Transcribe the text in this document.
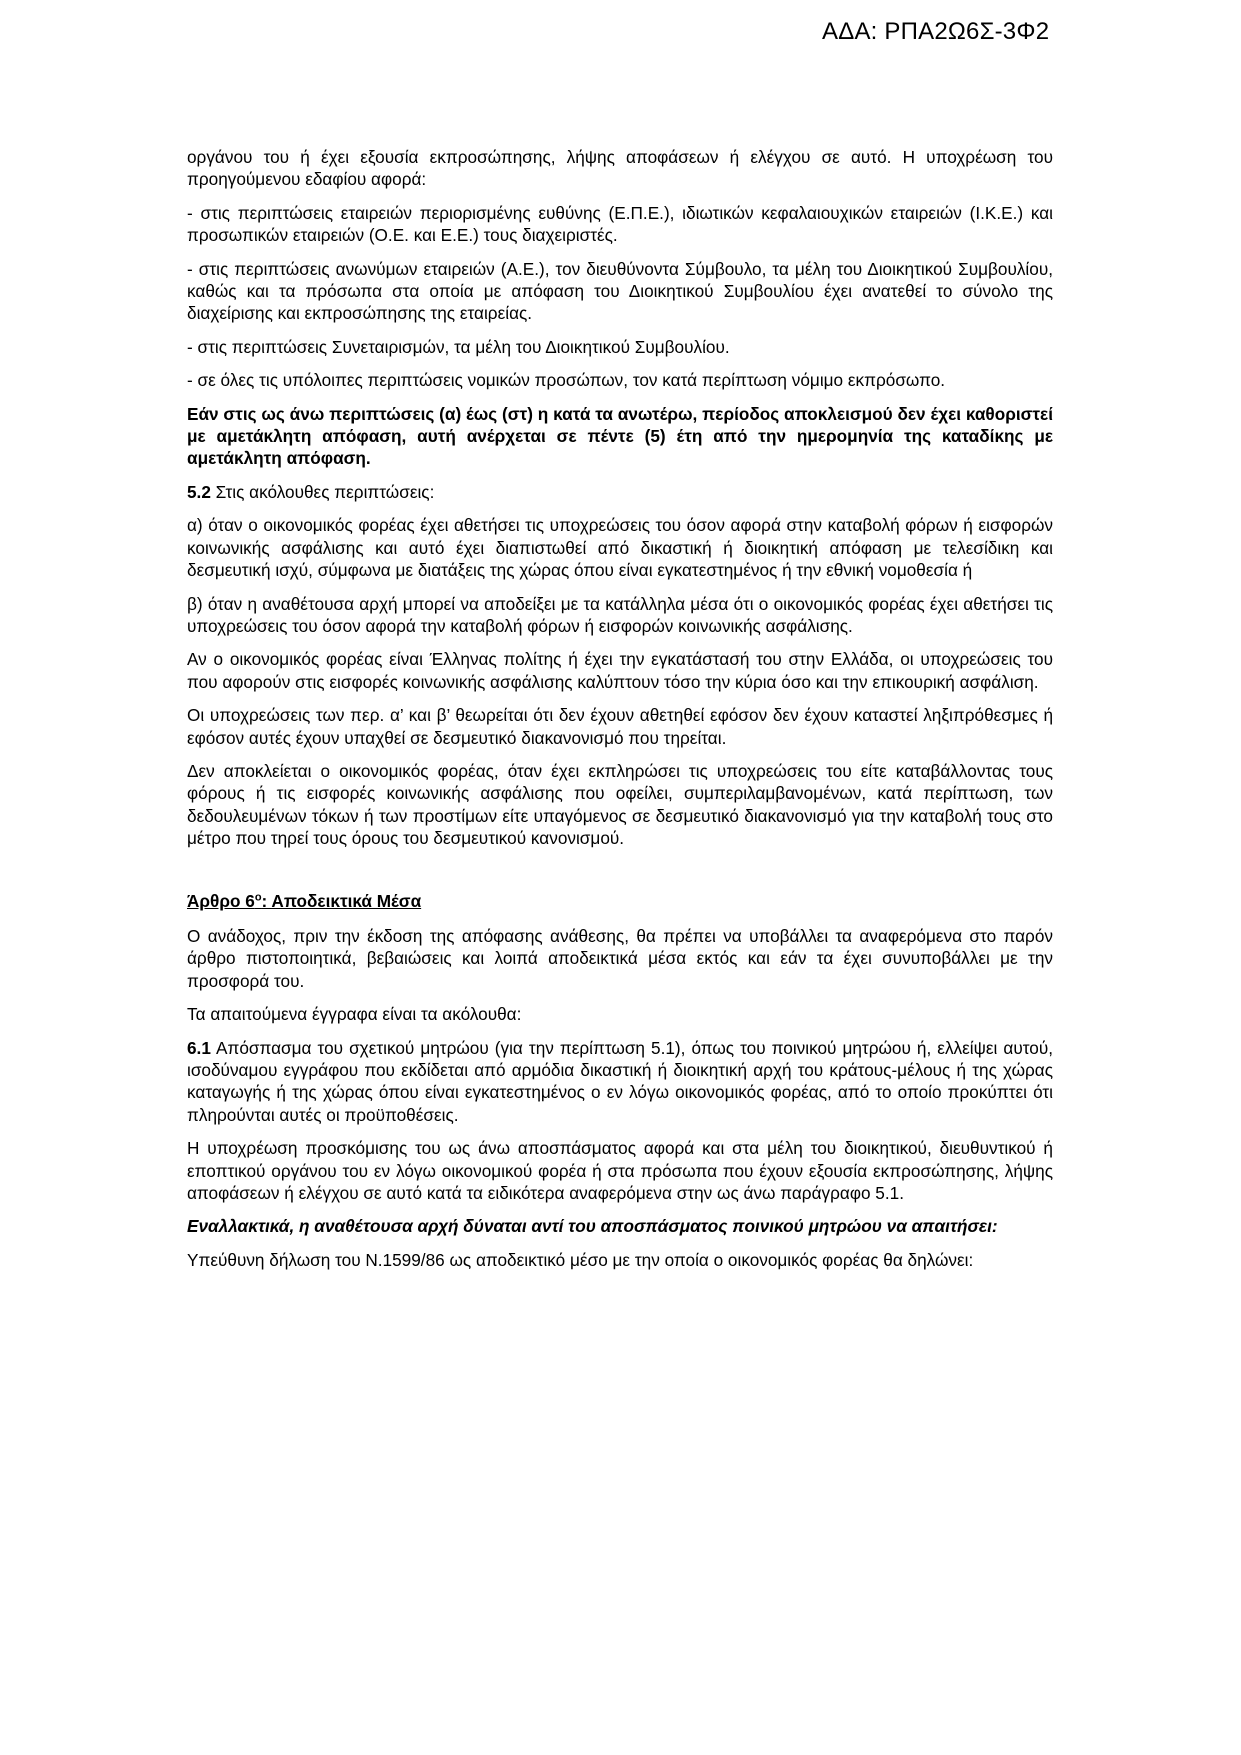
ΑΔΑ: ΡΠΑ2Ω6Σ-3Φ2

οργάνου του ή έχει εξουσία εκπροσώπησης, λήψης αποφάσεων ή ελέγχου σε αυτό. Η υποχρέωση του προηγούμενου εδαφίου αφορά:

- στις περιπτώσεις εταιρειών περιορισμένης ευθύνης (Ε.Π.Ε.), ιδιωτικών κεφαλαιουχικών εταιρειών (Ι.Κ.Ε.) και προσωπικών εταιρειών (Ο.Ε. και Ε.Ε.) τους διαχειριστές.

- στις περιπτώσεις ανωνύμων εταιρειών (Α.Ε.), τον διευθύνοντα Σύμβουλο, τα μέλη του Διοικητικού Συμβουλίου, καθώς και τα πρόσωπα στα οποία με απόφαση του Διοικητικού Συμβουλίου έχει ανατεθεί το σύνολο της διαχείρισης και εκπροσώπησης της εταιρείας.

- στις περιπτώσεις Συνεταιρισμών, τα μέλη του Διοικητικού Συμβουλίου.

- σε όλες τις υπόλοιπες περιπτώσεις νομικών προσώπων, τον κατά περίπτωση νόμιμο εκπρόσωπο.

Εάν στις ως άνω περιπτώσεις (α) έως (στ) η κατά τα ανωτέρω, περίοδος αποκλεισμού δεν έχει καθοριστεί με αμετάκλητη απόφαση, αυτή ανέρχεται σε πέντε (5) έτη από την ημερομηνία της καταδίκης με αμετάκλητη απόφαση.

5.2 Στις ακόλουθες περιπτώσεις:

α) όταν ο οικονομικός φορέας έχει αθετήσει τις υποχρεώσεις του όσον αφορά στην καταβολή φόρων ή εισφορών κοινωνικής ασφάλισης και αυτό έχει διαπιστωθεί από δικαστική ή διοικητική απόφαση με τελεσίδικη και δεσμευτική ισχύ, σύμφωνα με διατάξεις της χώρας όπου είναι εγκατεστημένος ή την εθνική νομοθεσία ή

β) όταν η αναθέτουσα αρχή μπορεί να αποδείξει με τα κατάλληλα μέσα ότι ο οικονομικός φορέας έχει αθετήσει τις υποχρεώσεις του όσον αφορά την καταβολή φόρων ή εισφορών κοινωνικής ασφάλισης.

Αν ο οικονομικός φορέας είναι Έλληνας πολίτης ή έχει την εγκατάστασή του στην Ελλάδα, οι υποχρεώσεις του που αφορούν στις εισφορές κοινωνικής ασφάλισης καλύπτουν τόσο την κύρια όσο και την επικουρική ασφάλιση.

Οι υποχρεώσεις των περ. α’ και β’ θεωρείται ότι δεν έχουν αθετηθεί εφόσον δεν έχουν καταστεί ληξιπρόθεσμες ή εφόσον αυτές έχουν υπαχθεί σε δεσμευτικό διακανονισμό που τηρείται.

Δεν αποκλείεται ο οικονομικός φορέας, όταν έχει εκπληρώσει τις υποχρεώσεις του είτε καταβάλλοντας τους φόρους ή τις εισφορές κοινωνικής ασφάλισης που οφείλει, συμπεριλαμβανομένων, κατά περίπτωση, των δεδουλευμένων τόκων ή των προστίμων είτε υπαγόμενος σε δεσμευτικό διακανονισμό για την καταβολή τους στο μέτρο που τηρεί τους όρους του δεσμευτικού κανονισμού.

Άρθρο $6^o$: Αποδεικτικά Μέσα

Ο ανάδοχος, πριν την έκδοση της απόφασης ανάθεσης, θα πρέπει να υποβάλλει τα αναφερόμενα στο παρόν άρθρο πιστοποιητικά, βεβαιώσεις και λοιπά αποδεικτικά μέσα εκτός και εάν τα έχει συνυποβάλλει με την προσφορά του.

Τα απαιτούμενα έγγραφα είναι τα ακόλουθα:

6.1 Απόσπασμα του σχετικού μητρώου (για την περίπτωση 5.1), όπως του ποινικού μητρώου ή, ελλείψει αυτού, ισοδύναμου εγγράφου που εκδίδεται από αρμόδια δικαστική ή διοικητική αρχή του κράτους-μέλους ή της χώρας καταγωγής ή της χώρας όπου είναι εγκατεστημένος ο εν λόγω οικονομικός φορέας, από το οποίο προκύπτει ότι πληρούνται αυτές οι προϋποθέσεις.

Η υποχρέωση προσκόμισης του ως άνω αποσπάσματος αφορά και στα μέλη του διοικητικού, διευθυντικού ή εποπτικού οργάνου του εν λόγω οικονομικού φορέα ή στα πρόσωπα που έχουν εξουσία εκπροσώπησης, λήψης αποφάσεων ή ελέγχου σε αυτό κατά τα ειδικότερα αναφερόμενα στην ως άνω παράγραφο 5.1.

Εναλλακτικά, η αναθέτουσα αρχή δύναται αντί του αποσπάσματος ποινικού μητρώου να απαιτήσει:

Υπεύθυνη δήλωση του Ν.1599/86 ως αποδεικτικό μέσο με την οποία ο οικονομικός φορέας θα δηλώνει:
